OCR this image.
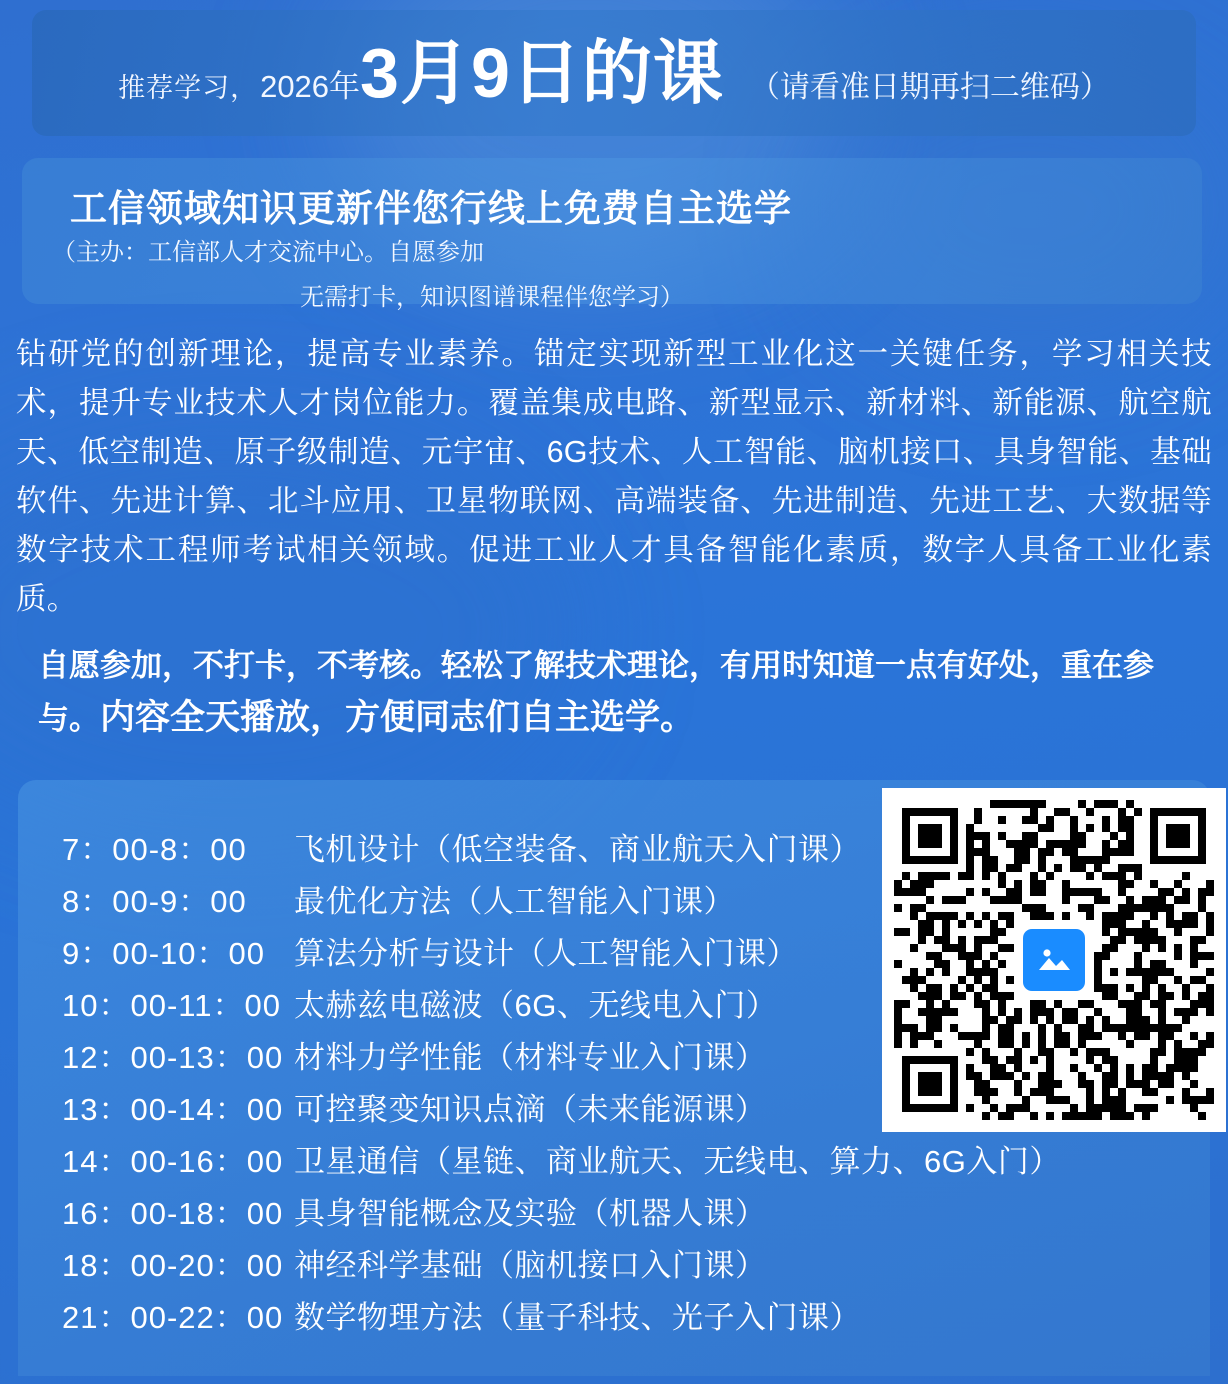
推荐学习， 2026年 3月9日的课 （请看准日期再扫二维码）
工信领域知识更新伴您行线上免费自主选学
（主办：工信部人才交流中心。自愿参加
无需打卡，知识图谱课程伴您学习）
钻研党的创新理论，提高专业素养。锚定实现新型工业化这一关键任务，学习相关技术，提升专业技术人才岗位能力。覆盖集成电路、新型显示、新材料、新能源、航空航天、低空制造、原子级制造、元宇宙、6G技术、人工智能、脑机接口、具身智能、基础软件、先进计算、北斗应用、卫星物联网、高端装备、先进制造、先进工艺、大数据等数字技术工程师考试相关领域。促进工业人才具备智能化素质，数字人具备工业化素质。
自愿参加，不打卡，不考核。轻松了解技术理论，有用时知道一点有好处，重在参与。内容全天播放，方便同志们自主选学。
7：00-8：00	飞机设计 （低空装备、商业航天入门课）
8：00-9：00	最优化方法 （人工智能入门课）
9：00-10：00 算法分析与设计 （人工智能入门课）
10：00-11：00 太赫兹电磁波 （6G、无线电入门）
12：00-13：00 材料力学性能 （材料专业入门课）
13：00-14：00 可控聚变知识点滴 （未来能源课）
14：00-16：00 卫星通信 （星链、商业航天、无线电、算力、6G入门）
16：00-18：00 具身智能概念及实验 （机器人课）
18：00-20：00 神经科学基础 （脑机接口入门课）
21：00-22：00 数学物理方法 （量子科技、光子入门课）
